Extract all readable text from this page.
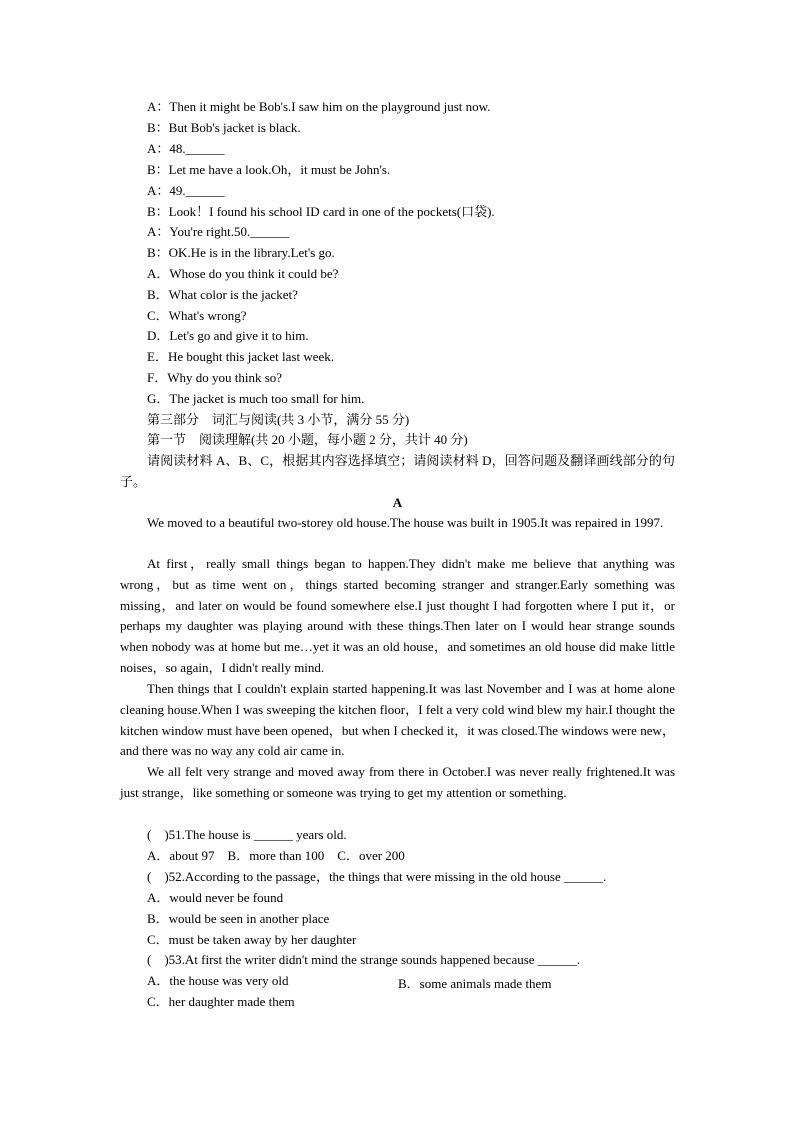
A：Then it might be Bob's.I saw him on the playground just now.
B：But Bob's jacket is black.
A：48.______
B：Let me have a look.Oh，it must be John's.
A：49.______
B：Look！I found his school ID card in one of the pockets(口袋).
A：You're right.50.______
B：OK.He is in the library.Let's go.
A．Whose do you think it could be?
B．What color is the jacket?
C．What's wrong?
D．Let's go and give it to him.
E．He bought this jacket last week.
F．Why do you think so?
G．The jacket is much too small for him.
第三部分　词汇与阅读(共 3 小节，满分 55 分)
第一节　阅读理解(共 20 小题，每小题 2 分，共计 40 分)
请阅读材料 A、B、C，根据其内容选择填空；请阅读材料 D，回答问题及翻译画线部分的句子。
A
We moved to a beautiful two-storey old house.The house was built in 1905.It was repaired in 1997.
At first，really small things began to happen.They didn't make me believe that anything was wrong，but as time went on，things started becoming stranger and stranger.Early something was missing，and later on would be found somewhere else.I just thought I had forgotten where I put it，or perhaps my daughter was playing around with these things.Then later on I would hear strange sounds when nobody was at home but me…yet it was an old house，and sometimes an old house did make little noises，so again，I didn't really mind.
Then things that I couldn't explain started happening.It was last November and I was at home alone cleaning house.When I was sweeping the kitchen floor，I felt a very cold wind blew my hair.I thought the kitchen window must have been opened，but when I checked it，it was closed.The windows were new，and there was no way any cold air came in.
We all felt very strange and moved away from there in October.I was never really frightened.It was just strange，like something or someone was trying to get my attention or something.
(　)51.The house is ______ years old.
A．about 97　B．more than 100　C．over 200
(　)52.According to the passage，the things that were missing in the old house ______.
A．would never be found
B．would be seen in another place
C．must be taken away by her daughter
(　)53.At first the writer didn't mind the strange sounds happened because ______.
A．the house was very old	B．some animals made them
C．her daughter made them
